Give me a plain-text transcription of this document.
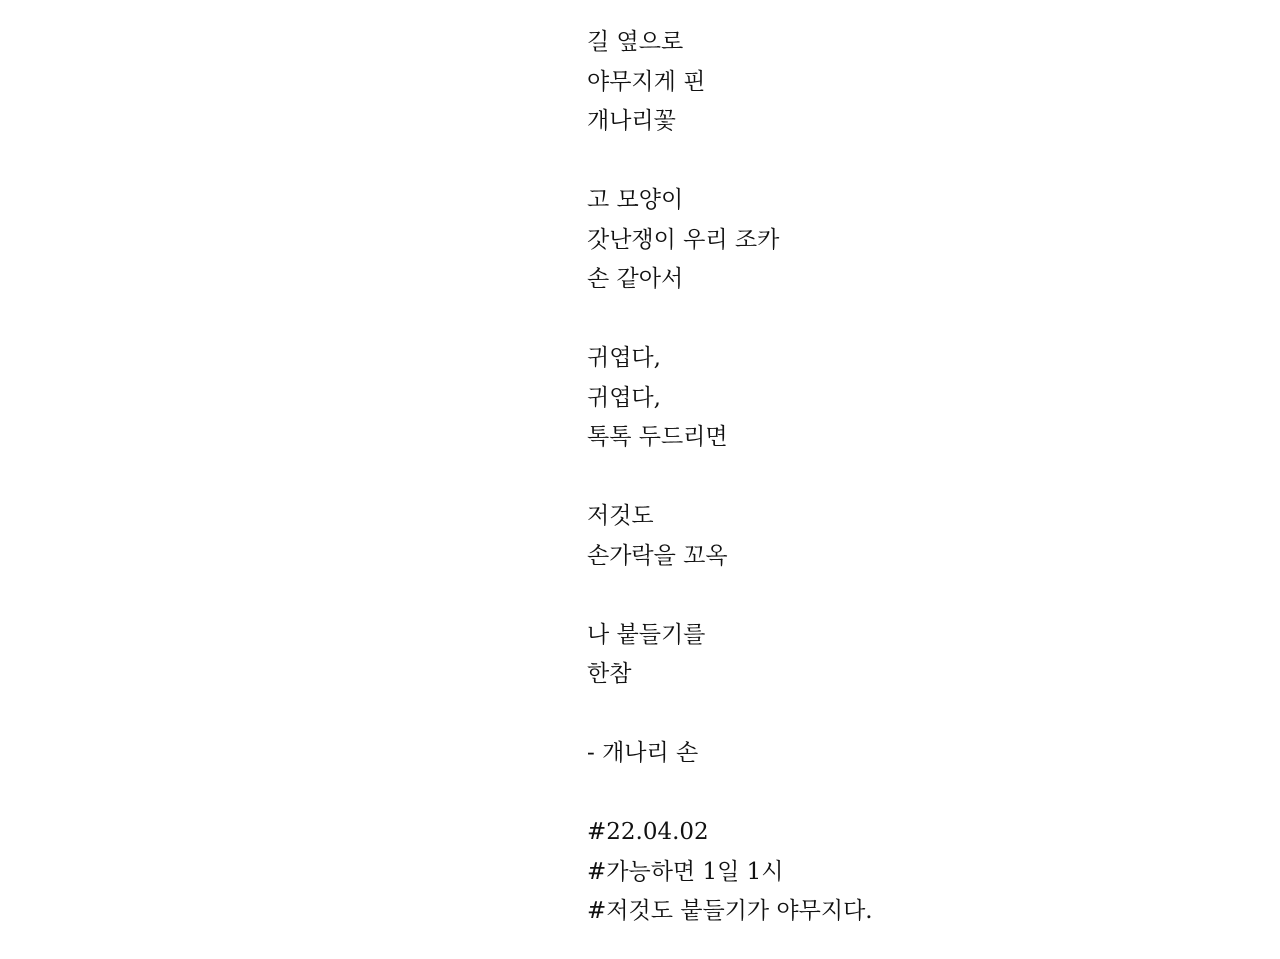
길 옆으로
야무지게 핀
개나리꽃
고 모양이
갓난쟁이 우리 조카
손 같아서
귀엽다,
귀엽다,
톡톡 두드리면
저것도
손가락을 꼬옥
나 붙들기를
한참
- 개나리 손
#22.04.02
#가능하면 1일 1시
#저것도 붙들기가 야무지다.
